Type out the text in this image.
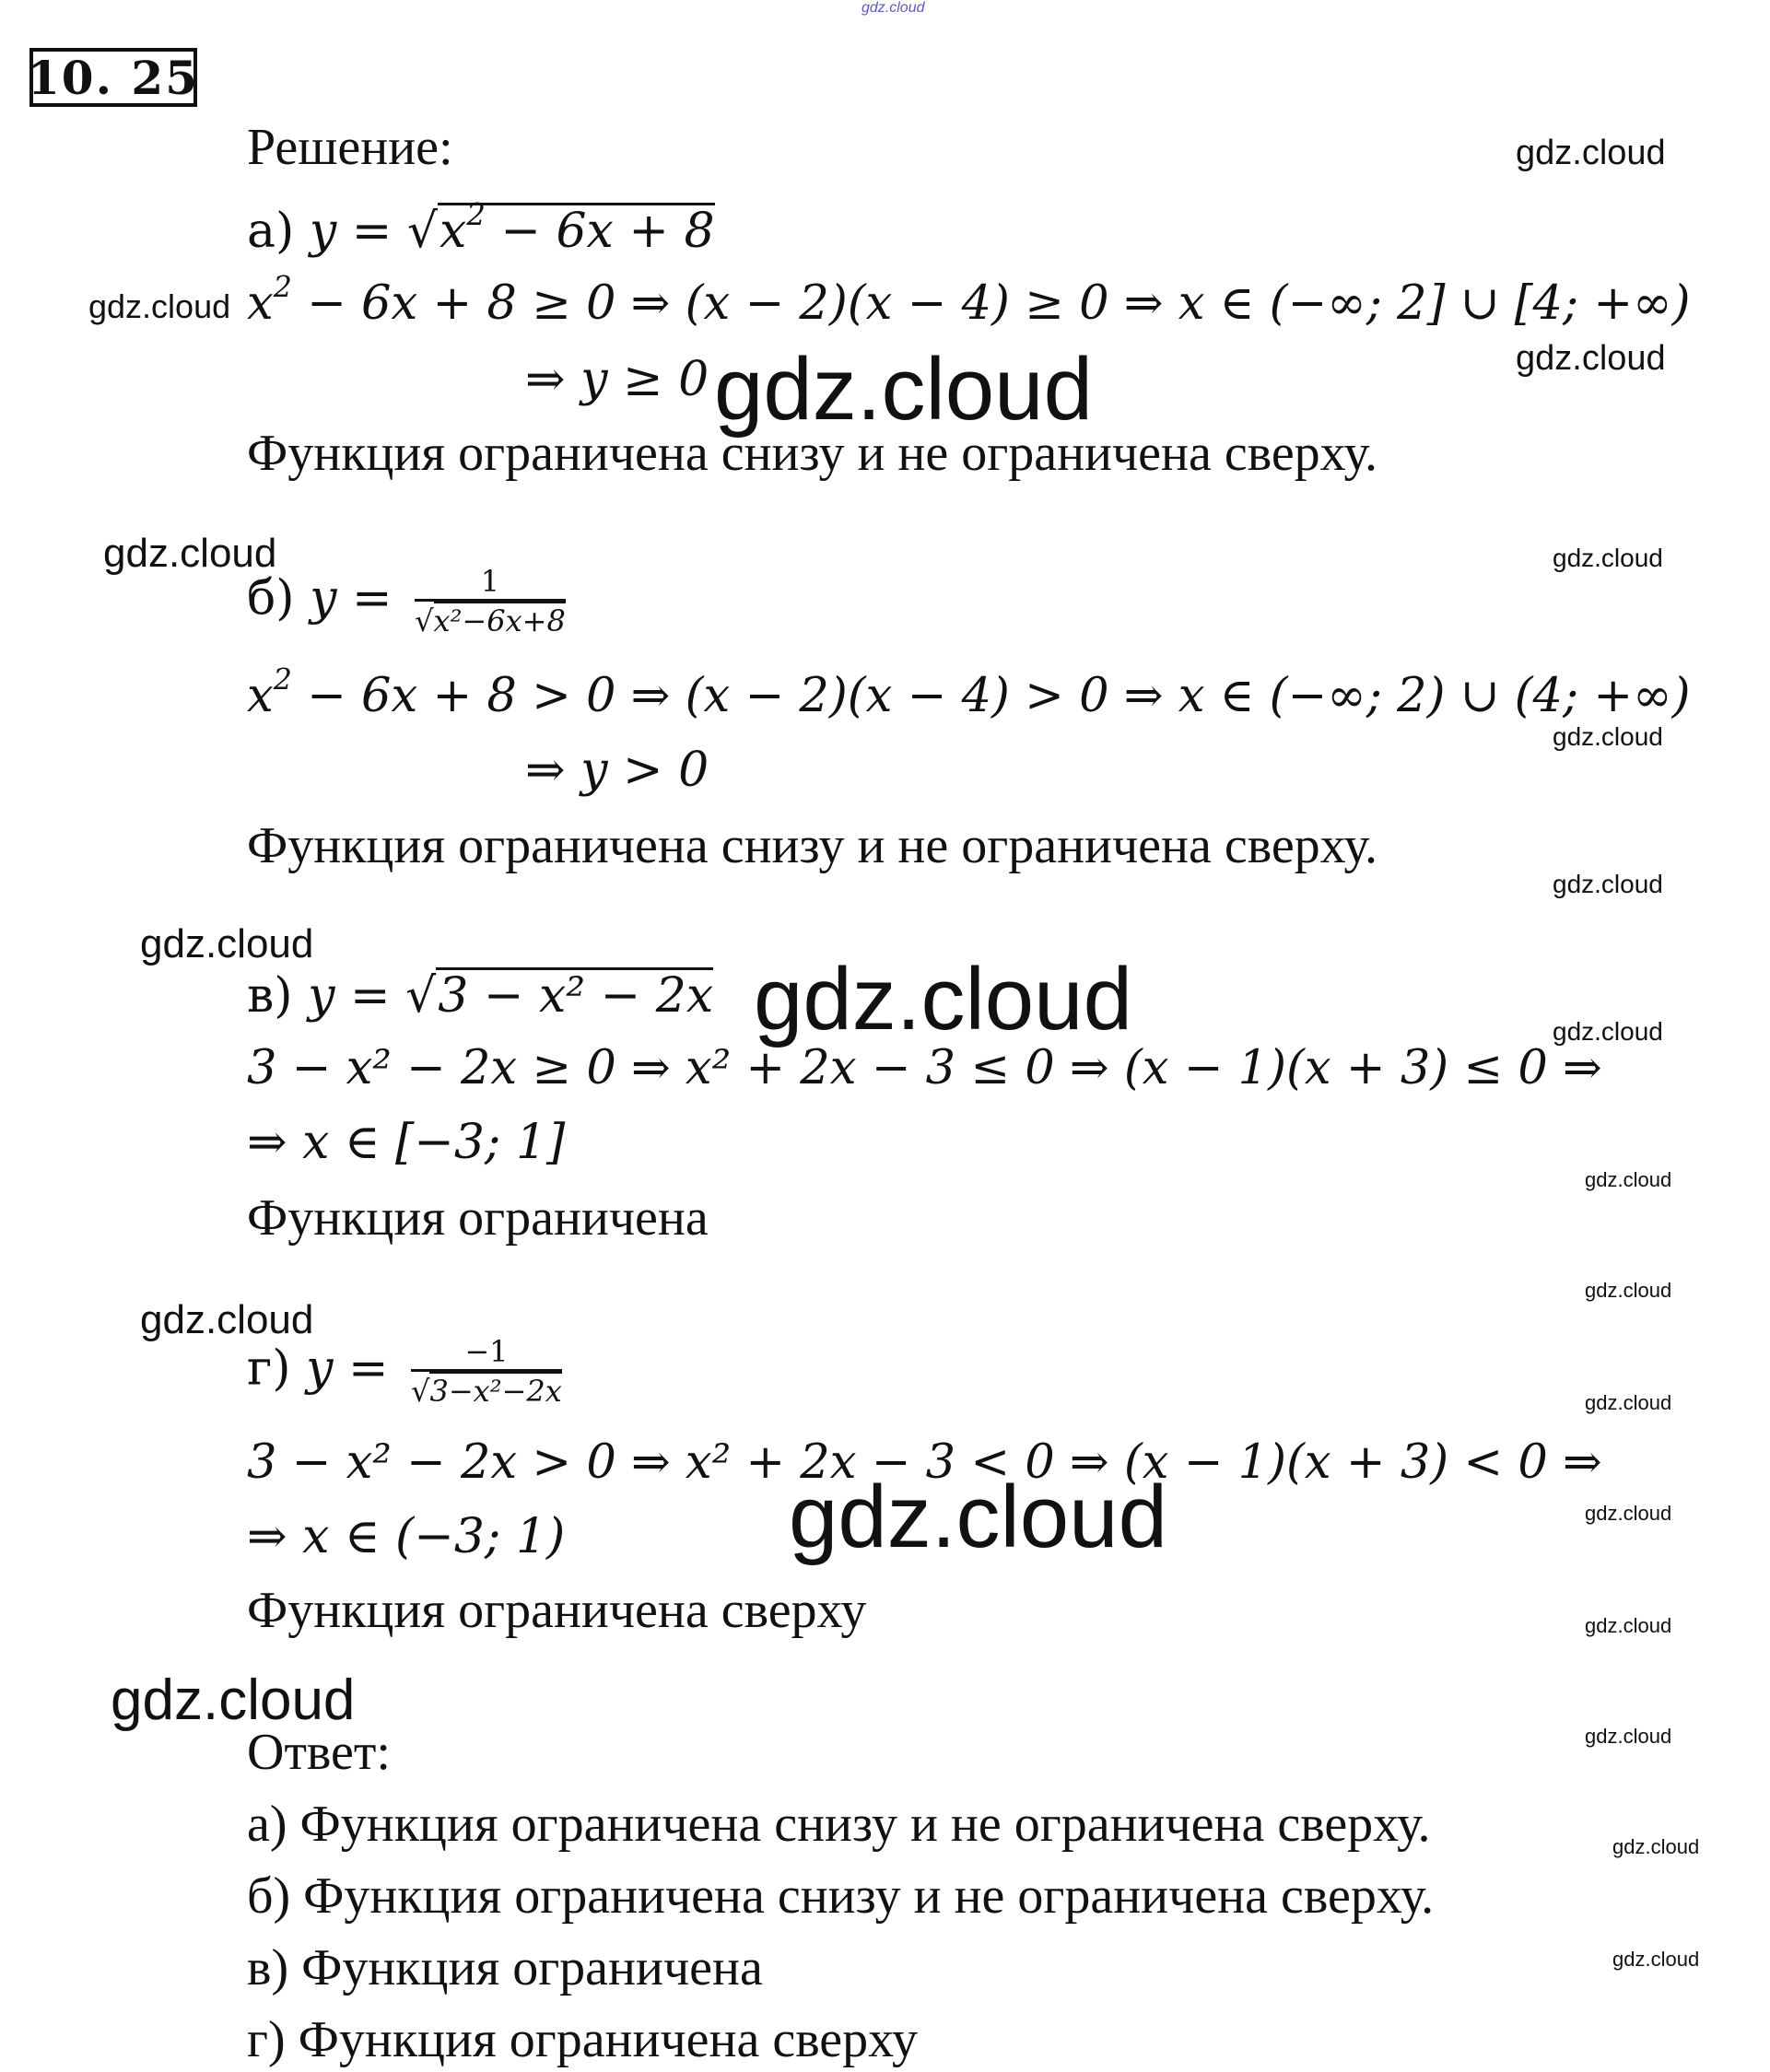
gdz.cloud
10. 25
Решение:
а) $y = √x^2 - 6x + 8$
$x^2 - 6x + 8 \ge 0$ ⇒ (x − 2)(x − 4) ≥ 0 ⇒ x ∈ (−∞; 2] ∪ [4; +∞)
⇒ y ≥ 0
Функция ограничена снизу и не ограничена сверху.
б) $y = \frac{1}{\text{√x²−6x+8}}$
$x^2 - 6x + 8 > 0$ ⇒ (x − 2)(x − 4) > 0 ⇒ x ∈ (−∞; 2) ∪ (4; +∞)
⇒ y > 0
Функция ограничена снизу и не ограничена сверху.
в) y = √3 − x² − 2x
3 − x² − 2x ≥ 0 ⇒ x² + 2x − 3 ≤ 0 ⇒ (x − 1)(x + 3) ≤ 0 ⇒
⇒ x ∈ [−3; 1]
Функция ограничена
г) $y = \frac{-1}{\text{√3−x²−2x}}$
3 − x² − 2x > 0 ⇒ x² + 2x − 3 < 0 ⇒ (x − 1)(x + 3) < 0 ⇒
⇒ x ∈ (−3; 1)
Функция ограничена сверху
Ответ:
а) Функция ограничена снизу и не ограничена сверху.
б) Функция ограничена снизу и не ограничена сверху.
в) Функция ограничена
г) Функция ограничена сверху
gdz.cloud
gdz.cloud
gdz.cloud
gdz.cloud
gdz.cloud	gdz.cloud
gdz.cloud
gdz.cloud
gdz.cloud
gdz.cloud	gdz.cloud
gdz.cloud
gdz.cloud
gdz.cloud
gdz.cloud
gdz.cloud	gdz.cloud
gdz.cloud
gdz.cloud
gdz.cloud
gdz.cloud
gdz.cloud
